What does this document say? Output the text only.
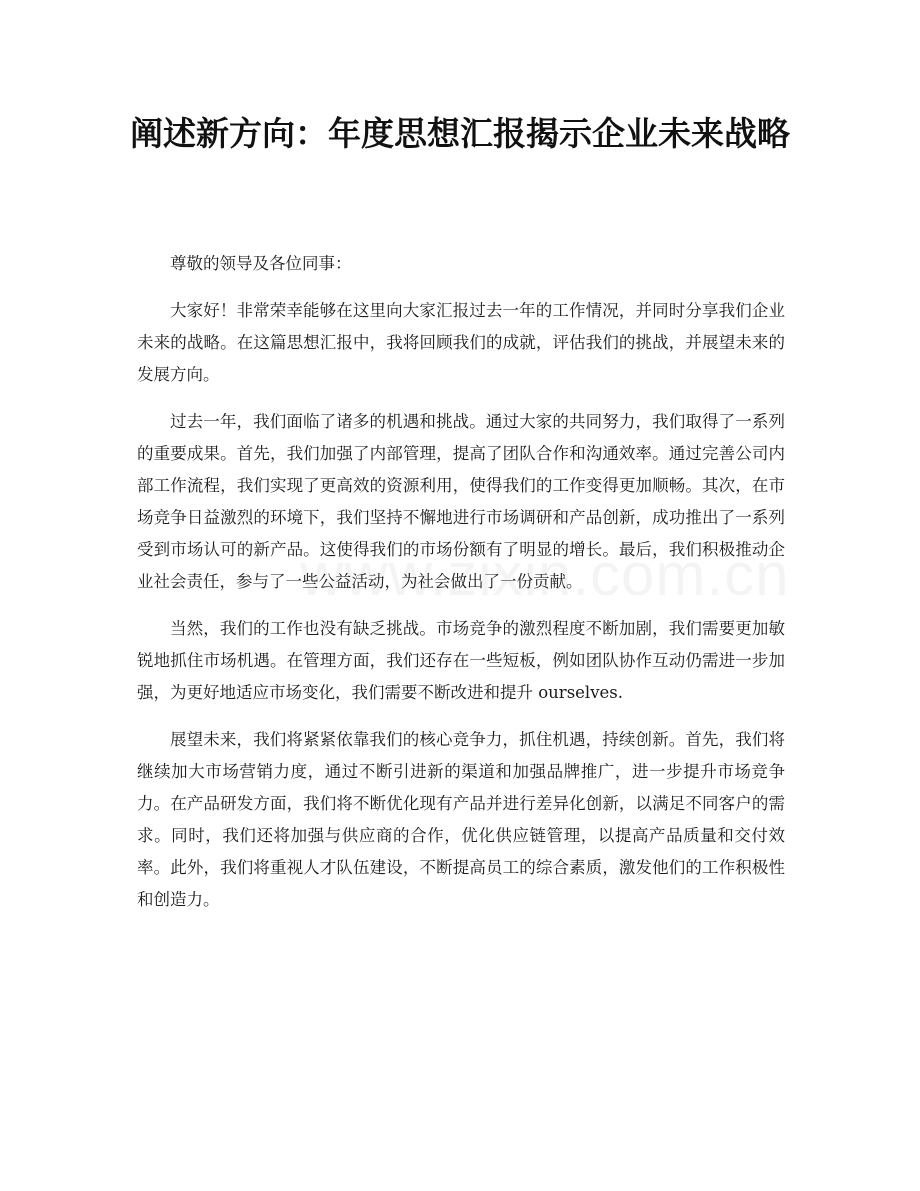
阐述新方向：年度思想汇报揭示企业未来战略

尊敬的领导及各位同事：

大家好！非常荣幸能够在这里向大家汇报过去一年的工作情况，并同时分享我们企业未来的战略。在这篇思想汇报中，我将回顾我们的成就，评估我们的挑战，并展望未来的发展方向。

过去一年，我们面临了诸多的机遇和挑战。通过大家的共同努力，我们取得了一系列的重要成果。首先，我们加强了内部管理，提高了团队合作和沟通效率。通过完善公司内部工作流程，我们实现了更高效的资源利用，使得我们的工作变得更加顺畅。其次，在市场竞争日益激烈的环境下，我们坚持不懈地进行市场调研和产品创新，成功推出了一系列受到市场认可的新产品。这使得我们的市场份额有了明显的增长。最后，我们积极推动企业社会责任，参与了一些公益活动，为社会做出了一份贡献。

当然，我们的工作也没有缺乏挑战。市场竞争的激烈程度不断加剧，我们需要更加敏锐地抓住市场机遇。在管理方面，我们还存在一些短板，例如团队协作互动仍需进一步加强，为更好地适应市场变化，我们需要不断改进和提升 ourselves.

展望未来，我们将紧紧依靠我们的核心竞争力，抓住机遇，持续创新。首先，我们将继续加大市场营销力度，通过不断引进新的渠道和加强品牌推广，进一步提升市场竞争力。在产品研发方面，我们将不断优化现有产品并进行差异化创新，以满足不同客户的需求。同时，我们还将加强与供应商的合作，优化供应链管理，以提高产品质量和交付效率。此外，我们将重视人才队伍建设，不断提高员工的综合素质，激发他们的工作积极性和创造力。
